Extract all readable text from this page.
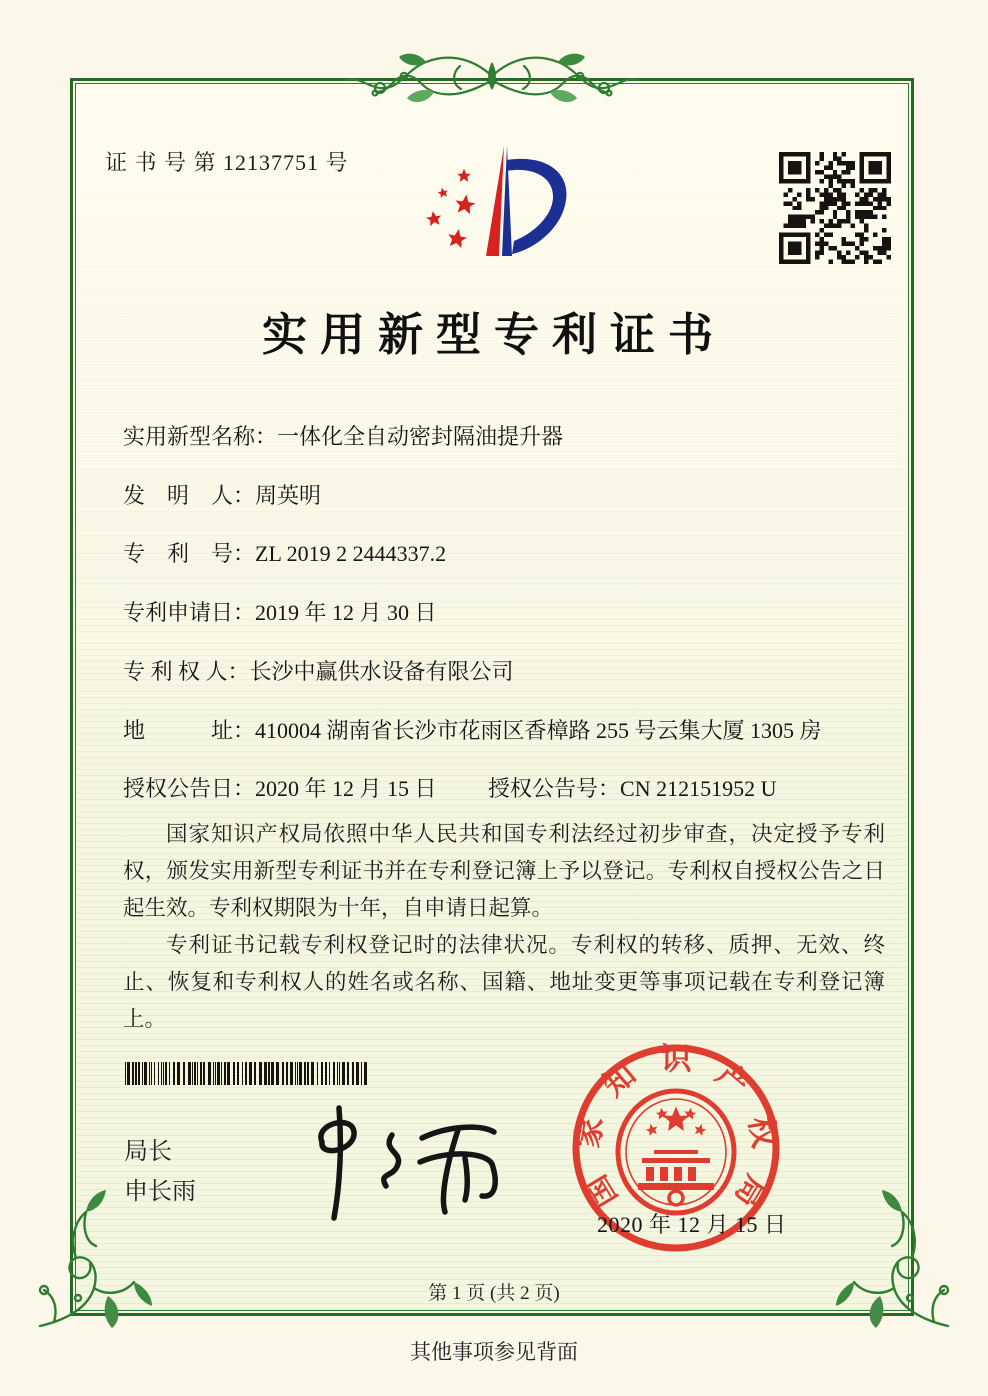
证 书 号 第 12137751 号
实用新型专利证书
实用新型名称：一体化全自动密封隔油提升器
发　明　人：周英明
专　利　号：ZL 2019 2 2444337.2
专利申请日：2019 年 12 月 30 日
专 利 权 人：长沙中赢供水设备有限公司
地　　　址：410004 湖南省长沙市花雨区香樟路 255 号云集大厦 1305 房
授权公告日：2020 年 12 月 15 日 授权公告号：CN 212151952 U

国家知识产权局依照中华人民共和国专利法经过初步审查，决定授予专利权，颁发实用新型专利证书并在专利登记簿上予以登记。专利权自授权公告之日起生效。专利权期限为十年，自申请日起算。

专利证书记载专利权登记时的法律状况。专利权的转移、质押、无效、终止、恢复和专利权人的姓名或名称、国籍、地址变更等事项记载在专利登记簿上。

局长
申长雨	国家知识产权局
2020 年 12 月 15 日
第 1 页 (共 2 页)
其他事项参见背面
